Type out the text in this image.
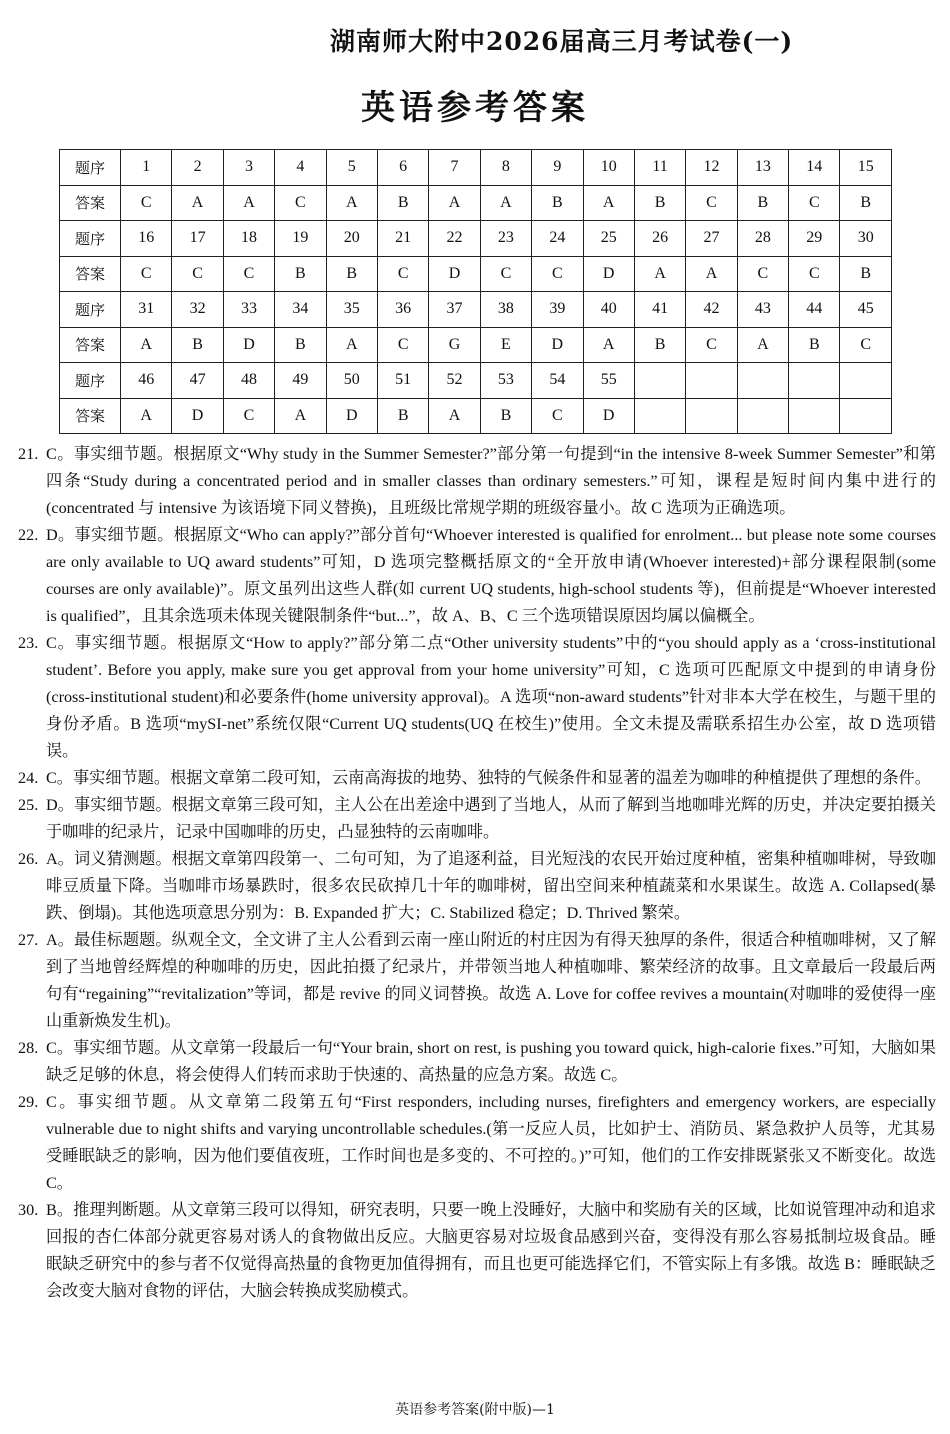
湖南师大附中2026届高三月考试卷(一)
英语参考答案
题序	1	2	3	4	5	6	7	8	9	10	11	12	13	14	15
答案	C	A	A	C	A	B	A	A	B	A	B	C	B	C	B
题序	16	17	18	19	20	21	22	23	24	25	26	27	28	29	30
答案	C	C	C	B	B	C	D	C	C	D	A	A	C	C	B
题序	31	32	33	34	35	36	37	38	39	40	41	42	43	44	45
答案	A	B	D	B	A	C	G	E	D	A	B	C	A	B	C
题序	46	47	48	49	50	51	52	53	54	55					
答案	A	D	C	A	D	B	A	B	C	D					
21. C。事实细节题。根据原文“Why study in the Summer Semester?”部分第一句提到“in the intensive 8-week Summer Semester”和第四条“Study during a concentrated period and in smaller classes than ordinary semesters.”可知，课程是短时间内集中进行的(concentrated 与 intensive 为该语境下同义替换)，且班级比常规学期的班级容量小。故 C 选项为正确选项。
22. D。事实细节题。根据原文“Who can apply?”部分首句“Whoever interested is qualified for enrolment... but please note some courses are only available to UQ award students”可知，D 选项完整概括原文的“全开放申请(Whoever interested)+部分课程限制(some courses are only available)”。原文虽列出这些人群(如 current UQ students, high-school students 等)，但前提是“Whoever interested is qualified”，且其余选项未体现关键限制条件“but...”，故 A、B、C 三个选项错误原因均属以偏概全。
23. C。事实细节题。根据原文“How to apply?”部分第二点“Other university students”中的“you should apply as a ‘cross-institutional student’. Before you apply, make sure you get approval from your home university”可知，C 选项可匹配原文中提到的申请身份(cross-institutional student)和必要条件(home university approval)。A 选项“non-award students”针对非本大学在校生，与题干里的身份矛盾。B 选项“mySI-net”系统仅限“Current UQ students(UQ 在校生)”使用。全文未提及需联系招生办公室，故 D 选项错误。
24. C。事实细节题。根据文章第二段可知，云南高海拔的地势、独特的气候条件和显著的温差为咖啡的种植提供了理想的条件。
25. D。事实细节题。根据文章第三段可知，主人公在出差途中遇到了当地人，从而了解到当地咖啡光辉的历史，并决定要拍摄关于咖啡的纪录片，记录中国咖啡的历史，凸显独特的云南咖啡。
26. A。词义猜测题。根据文章第四段第一、二句可知，为了追逐利益，目光短浅的农民开始过度种植，密集种植咖啡树，导致咖啡豆质量下降。当咖啡市场暴跌时，很多农民砍掉几十年的咖啡树，留出空间来种植蔬菜和水果谋生。故选 A. Collapsed(暴跌、倒塌)。其他选项意思分别为：B. Expanded 扩大；C. Stabilized 稳定；D. Thrived 繁荣。
27. A。最佳标题题。纵观全文，全文讲了主人公看到云南一座山附近的村庄因为有得天独厚的条件，很适合种植咖啡树，又了解到了当地曾经辉煌的种咖啡的历史，因此拍摄了纪录片，并带领当地人种植咖啡、繁荣经济的故事。且文章最后一段最后两句有“regaining”“revitalization”等词，都是 revive 的同义词替换。故选 A. Love for coffee revives a mountain(对咖啡的爱使得一座山重新焕发生机)。
28. C。事实细节题。从文章第一段最后一句“Your brain, short on rest, is pushing you toward quick, high-calorie fixes.”可知，大脑如果缺乏足够的休息，将会使得人们转而求助于快速的、高热量的应急方案。故选 C。
29. C。事实细节题。从文章第二段第五句“First responders, including nurses, firefighters and emergency workers, are especially vulnerable due to night shifts and varying uncontrollable schedules.(第一反应人员，比如护士、消防员、紧急救护人员等，尤其易受睡眠缺乏的影响，因为他们要值夜班，工作时间也是多变的、不可控的。)”可知，他们的工作安排既紧张又不断变化。故选 C。
30. B。推理判断题。从文章第三段可以得知，研究表明，只要一晚上没睡好，大脑中和奖励有关的区域，比如说管理冲动和追求回报的杏仁体部分就更容易对诱人的食物做出反应。大脑更容易对垃圾食品感到兴奋，变得没有那么容易抵制垃圾食品。睡眠缺乏研究中的参与者不仅觉得高热量的食物更加值得拥有，而且也更可能选择它们，不管实际上有多饿。故选 B：睡眠缺乏会改变大脑对食物的评估，大脑会转换成奖励模式。
英语参考答案(附中版)—1
